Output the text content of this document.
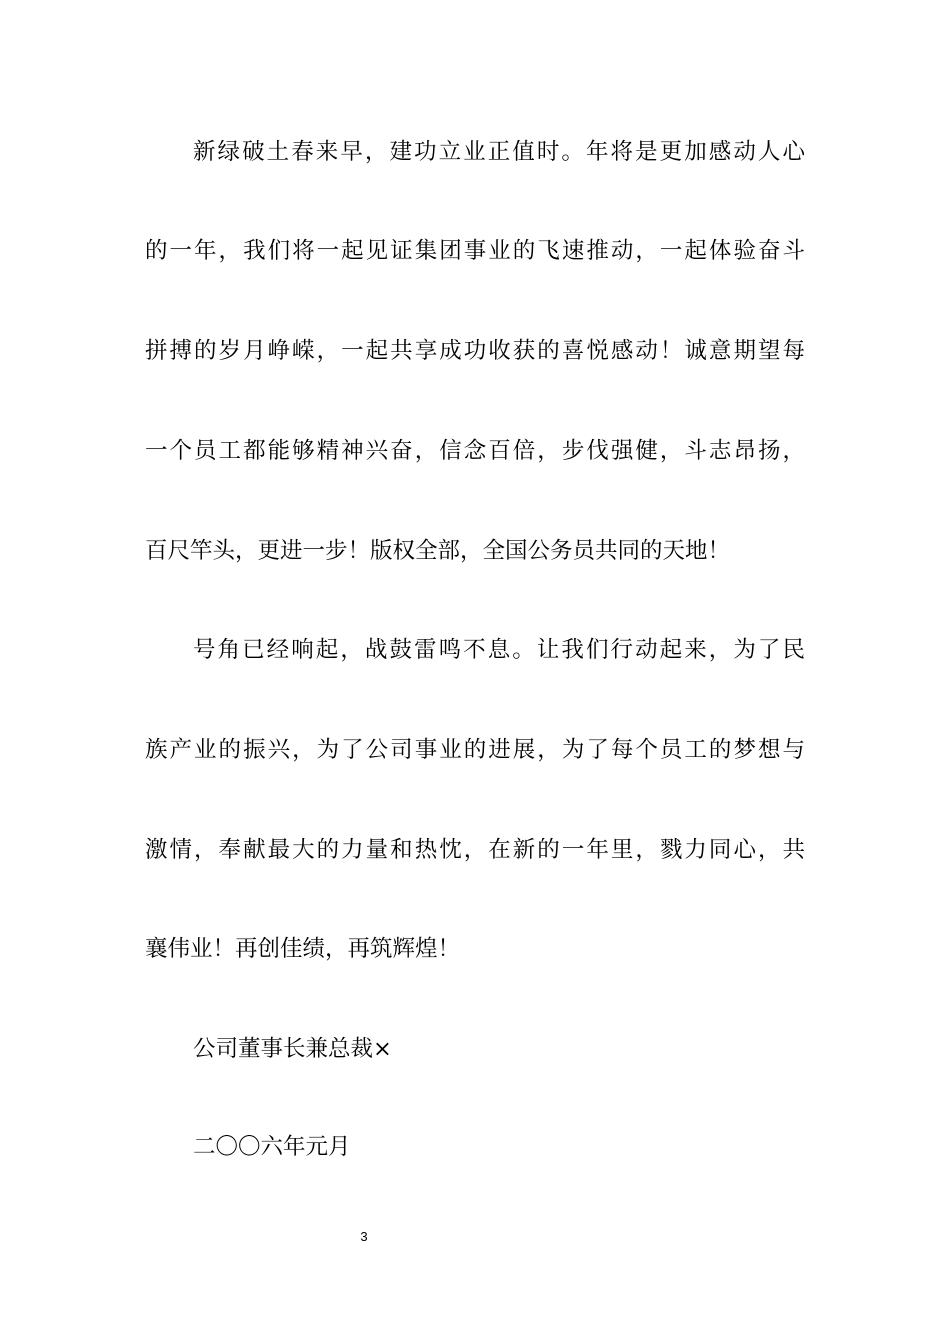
新绿破土春来早，建功立业正值时。年将是更加感动人心
的一年，我们将一起见证集团事业的飞速推动，一起体验奋斗
拼搏的岁月峥嵘，一起共享成功收获的喜悦感动！诚意期望每
一个员工都能够精神兴奋，信念百倍，步伐强健，斗志昂扬，
百尺竿头，更进一步！版权全部，全国公务员共同的天地！
号角已经响起，战鼓雷鸣不息。让我们行动起来，为了民
族产业的振兴，为了公司事业的进展，为了每个员工的梦想与
激情，奉献最大的力量和热忱，在新的一年里，戮力同心，共
襄伟业！再创佳绩，再筑辉煌！
公司董事长兼总裁×
二〇〇六年元月
3
